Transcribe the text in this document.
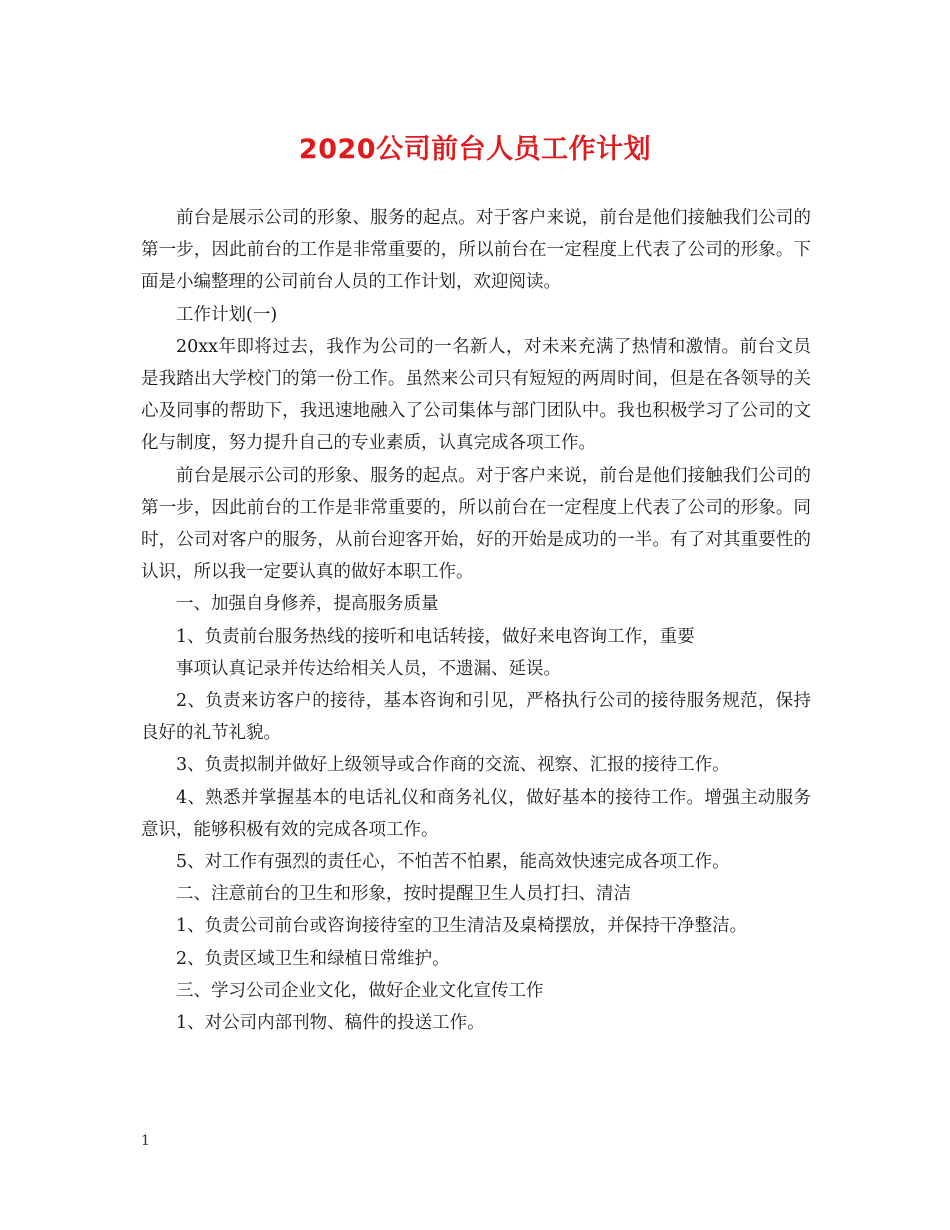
2020公司前台人员工作计划

前台是展示公司的形象、服务的起点。对于客户来说，前台是他们接触我们公司的第一步，因此前台的工作是非常重要的，所以前台在一定程度上代表了公司的形象。下面是小编整理的公司前台人员的工作计划，欢迎阅读。

工作计划(一)

20xx年即将过去，我作为公司的一名新人，对未来充满了热情和激情。前台文员是我踏出大学校门的第一份工作。虽然来公司只有短短的两周时间，但是在各领导的关心及同事的帮助下，我迅速地融入了公司集体与部门团队中。我也积极学习了公司的文化与制度，努力提升自己的专业素质，认真完成各项工作。

前台是展示公司的形象、服务的起点。对于客户来说，前台是他们接触我们公司的第一步，因此前台的工作是非常重要的，所以前台在一定程度上代表了公司的形象。同时，公司对客户的服务，从前台迎客开始，好的开始是成功的一半。有了对其重要性的认识，所以我一定要认真的做好本职工作。

一、加强自身修养，提高服务质量

1、负责前台服务热线的接听和电话转接，做好来电咨询工作，重要

事项认真记录并传达给相关人员，不遗漏、延误。

2、负责来访客户的接待，基本咨询和引见，严格执行公司的接待服务规范，保持良好的礼节礼貌。

3、负责拟制并做好上级领导或合作商的交流、视察、汇报的接待工作。

4、熟悉并掌握基本的电话礼仪和商务礼仪，做好基本的接待工作。增强主动服务意识，能够积极有效的完成各项工作。

5、对工作有强烈的责任心，不怕苦不怕累，能高效快速完成各项工作。

二、注意前台的卫生和形象，按时提醒卫生人员打扫、清洁

1、负责公司前台或咨询接待室的卫生清洁及桌椅摆放，并保持干净整洁。

2、负责区域卫生和绿植日常维护。

三、学习公司企业文化，做好企业文化宣传工作

1、对公司内部刊物、稿件的投送工作。

1
